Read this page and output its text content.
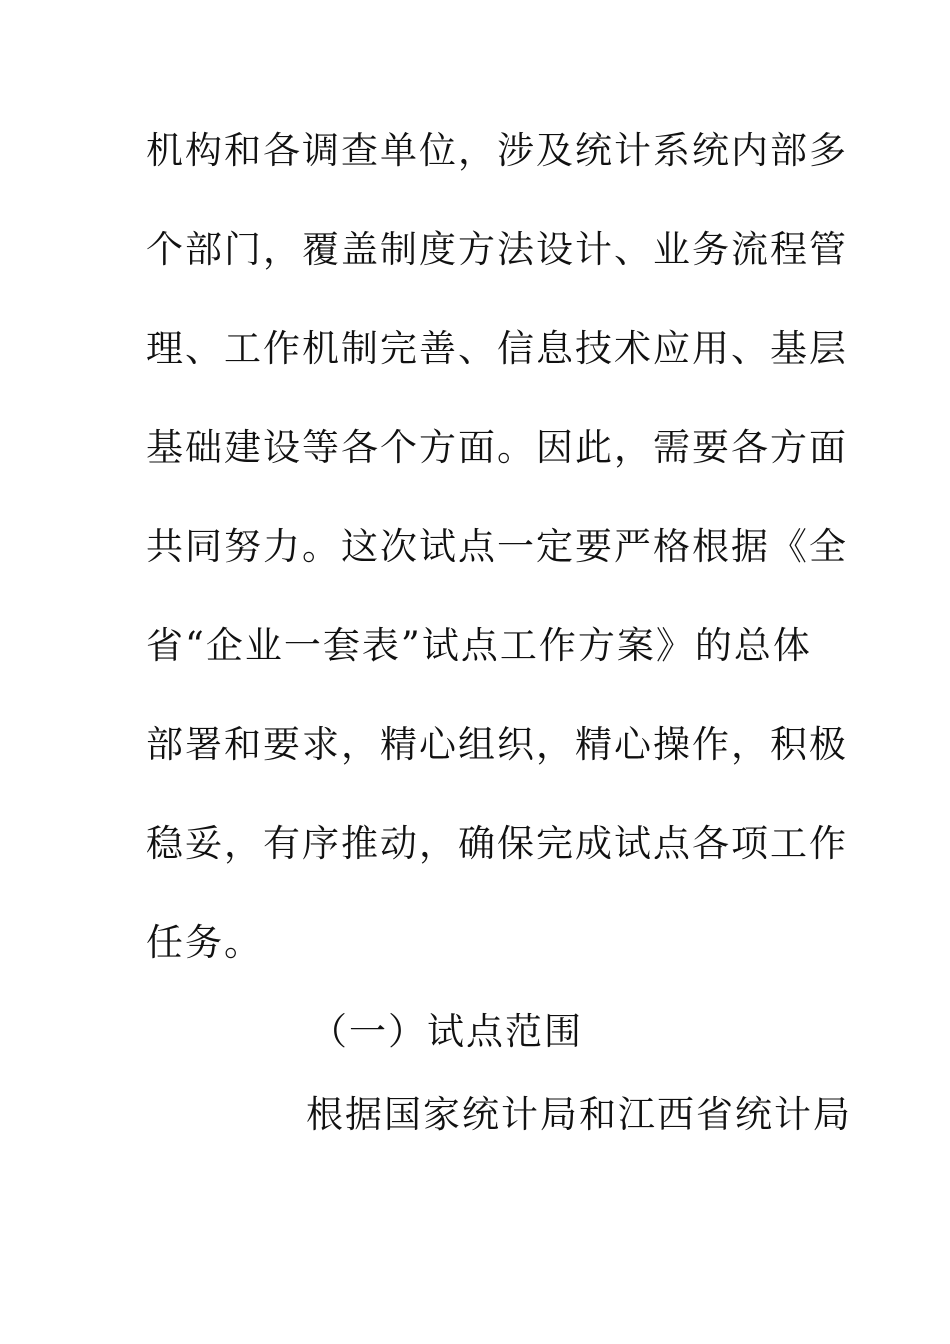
机构和各调查单位，涉及统计系统内部多
个部门，覆盖制度方法设计、业务流程管
理、工作机制完善、信息技术应用、基层
基础建设等各个方面。因此，需要各方面
共同努力。这次试点一定要严格根据《全
省“企业一套表”试点工作方案》的总体
部署和要求，精心组织，精心操作，积极
稳妥，有序推动，确保完成试点各项工作
任务。
（一）试点范围
根据国家统计局和江西省统计局
